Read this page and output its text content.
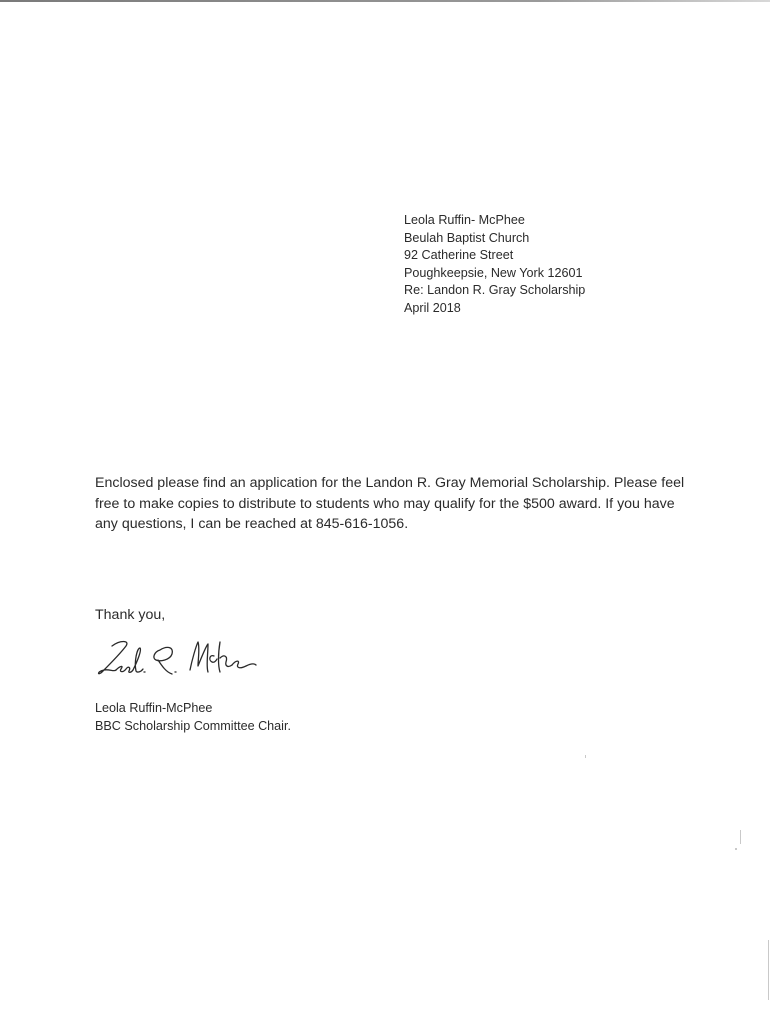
Leola Ruffin- McPhee
Beulah Baptist Church
92 Catherine Street
Poughkeepsie, New York 12601
Re: Landon R. Gray Scholarship
April 2018

Enclosed please find an application for the Landon R. Gray Memorial Scholarship. Please feel
free to make copies to distribute to students who may qualify for the $500 award. If you have
any questions, I can be reached at 845-616-1056.

Thank you,
Leola Ruffin-McPhee
BBC Scholarship Committee Chair.
